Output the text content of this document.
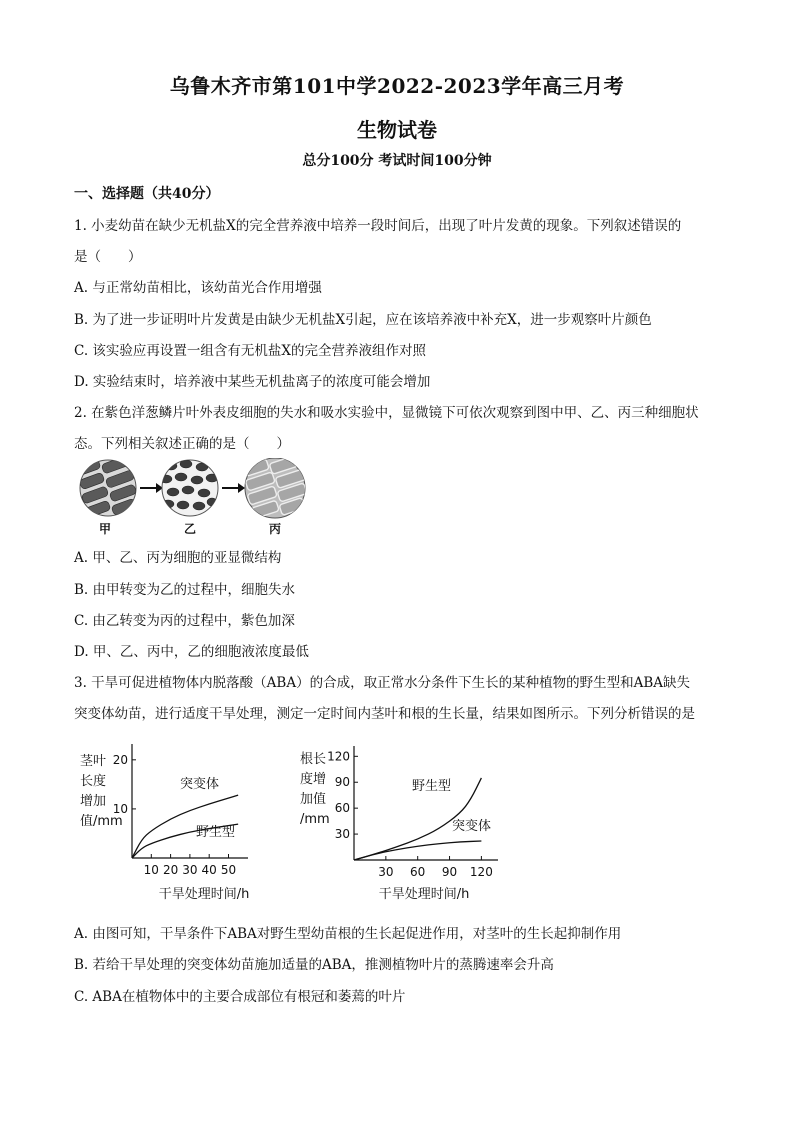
乌鲁木齐市第101中学2022-2023学年高三月考
生物试卷
总分100分 考试时间100分钟
一、选择题（共40分）
1. 小麦幼苗在缺少无机盐X的完全营养液中培养一段时间后，出现了叶片发黄的现象。下列叙述错误的
是（　　）
A. 与正常幼苗相比，该幼苗光合作用增强
B. 为了进一步证明叶片发黄是由缺少无机盐X引起，应在该培养液中补充X，进一步观察叶片颜色
C. 该实验应再设置一组含有无机盐X的完全营养液组作对照
D. 实验结束时，培养液中某些无机盐离子的浓度可能会增加
2. 在紫色洋葱鳞片叶外表皮细胞的失水和吸水实验中，显微镜下可依次观察到图中甲、乙、丙三种细胞状
态。下列相关叙述正确的是（　　）
甲	乙	丙
A. 甲、乙、丙为细胞的亚显微结构
B. 由甲转变为乙的过程中，细胞失水
C. 由乙转变为丙的过程中，紫色加深
D. 甲、乙、丙中，乙的细胞液浓度最低
3. 干旱可促进植物体内脱落酸（ABA）的合成，取正常水分条件下生长的某种植物的野生型和ABA缺失
突变体幼苗，进行适度干旱处理，测定一定时间内茎叶和根的生长量，结果如图所示。下列分析错误的是
茎叶
长度
增加
值/mm
10
20
10 20 30 40 50
突变体
野生型
干旱处理时间/h
根长
度增
加值
/mm
30
60
90
120
30 60 90 120
野生型
突变体
干旱处理时间/h
A. 由图可知，干旱条件下ABA对野生型幼苗根的生长起促进作用，对茎叶的生长起抑制作用
B. 若给干旱处理的突变体幼苗施加适量的ABA，推测植物叶片的蒸腾速率会升高
C. ABA在植物体中的主要合成部位有根冠和萎蔫的叶片
